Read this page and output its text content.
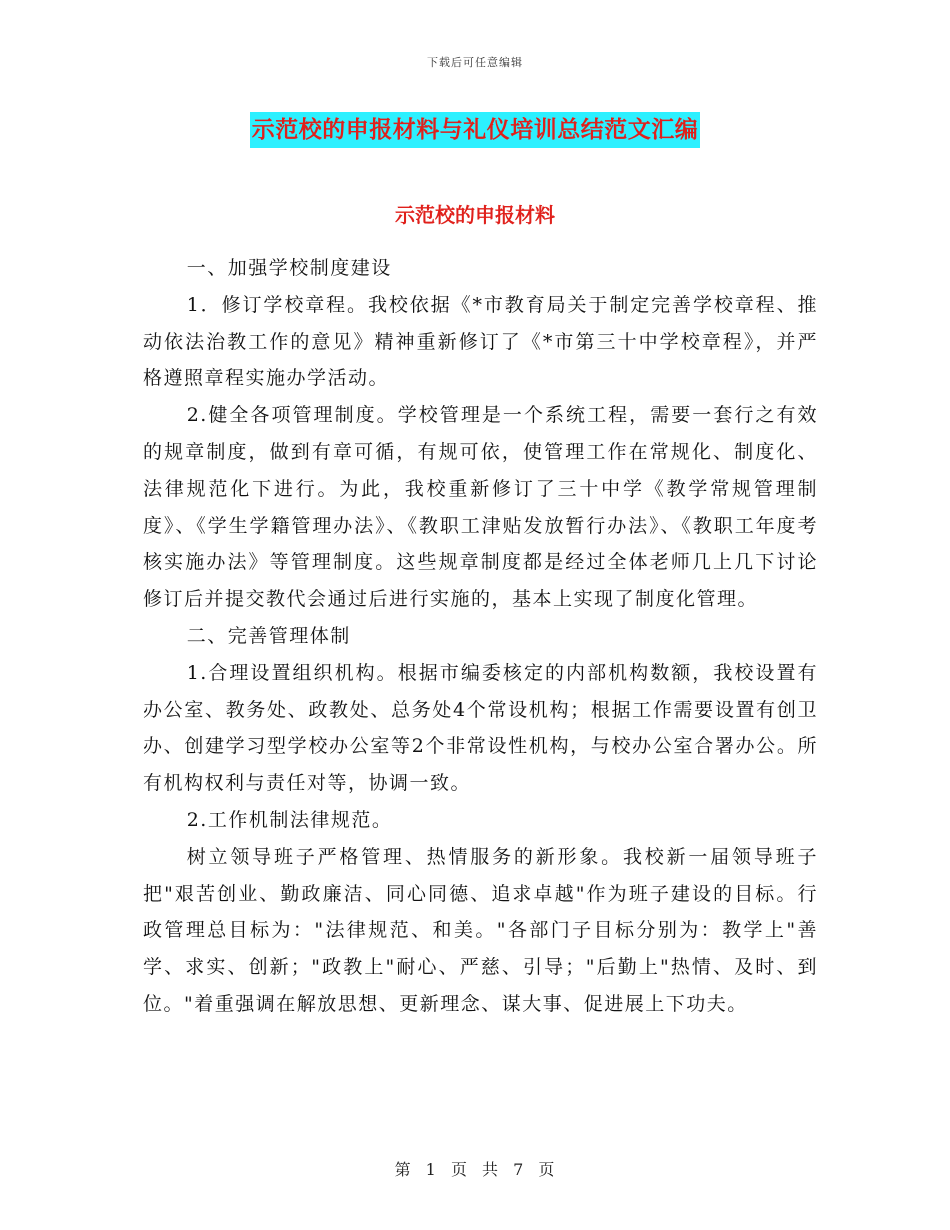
下载后可任意编辑
示范校的申报材料与礼仪培训总结范文汇编
示范校的申报材料

一、加强学校制度建设

1．修订学校章程。我校依据《*市教育局关于制定完善学校章程、推动依法治教工作的意见》精神重新修订了《*市第三十中学校章程》，并严格遵照章程实施办学活动。

2.健全各项管理制度。学校管理是一个系统工程，需要一套行之有效的规章制度，做到有章可循，有规可依，使管理工作在常规化、制度化、法律规范化下进行。为此，我校重新修订了三十中学《教学常规管理制度》、《学生学籍管理办法》、《教职工津贴发放暂行办法》、《教职工年度考核实施办法》等管理制度。这些规章制度都是经过全体老师几上几下讨论修订后并提交教代会通过后进行实施的，基本上实现了制度化管理。

二、完善管理体制

1.合理设置组织机构。根据市编委核定的内部机构数额，我校设置有办公室、教务处、政教处、总务处4个常设机构；根据工作需要设置有创卫办、创建学习型学校办公室等2个非常设性机构，与校办公室合署办公。所有机构权利与责任对等，协调一致。

2.工作机制法律规范。

树立领导班子严格管理、热情服务的新形象。我校新一届领导班子把"艰苦创业、勤政廉洁、同心同德、追求卓越"作为班子建设的目标。行政管理总目标为："法律规范、和美。"各部门子目标分别为：教学上"善学、求实、创新；"政教上"耐心、严慈、引导；"后勤上"热情、及时、到位。"着重强调在解放思想、更新理念、谋大事、促进展上下功夫。

第 1 页 共 7 页
